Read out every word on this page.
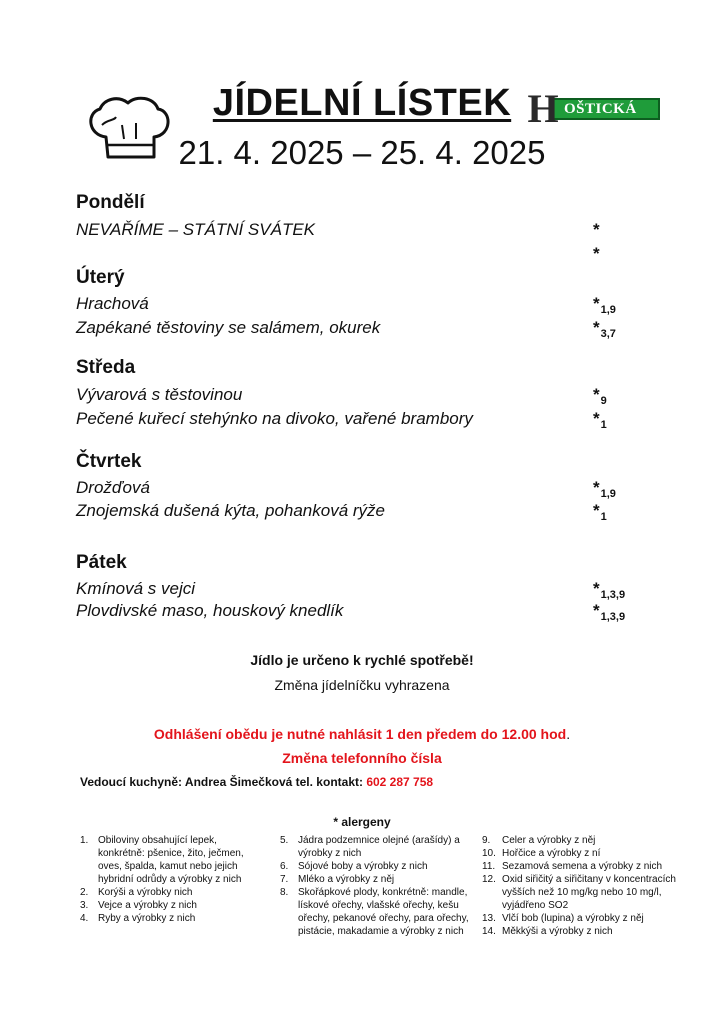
JÍDELNÍ LÍSTEK H OŠTICKÁ
21. 4. 2025 – 25. 4. 2025
Pondělí
NEVAŘÍME – STÁTNÍ SVÁTEK	*
*
Úterý
Hrachová	$*_{1,9}$
Zapékané těstoviny se salámem, okurek	$*_{3,7}$
Středa
Vývarová s těstovinou	$*_9$
Pečené kuřecí stehýnko na divoko, vařené brambory	$*_1$
Čtvrtek
Drožďová	$*_{1,9}$
Znojemská dušená kýta, pohanková rýže	$*_1$
Pátek
Kmínová s vejci	$*_{1,3,9}$
Plovdivské maso, houskový knedlík	$*_{1,3,9}$
Jídlo je určeno k rychlé spotřebě!
Změna jídelníčku vyhrazena
Odhlášení obědu je nutné nahlásit 1 den předem do 12.00 hod.
Změna telefonního čísla
Vedoucí kuchyně: Andrea Šimečková tel. kontakt: 602 287 758
* alergeny
1. Obiloviny obsahující lepek, konkrétně: pšenice, žito, ječmen, oves, špalda, kamut nebo jejich hybridní odrůdy a výrobky z nich
2. Korýši a výrobky nich
3. Vejce a výrobky z nich
4. Ryby a výrobky z nich
5. Jádra podzemnice olejné (arašídy) a výrobky z nich
6. Sójové boby a výrobky z nich
7. Mléko a výrobky z něj
8. Skořápkové plody, konkrétně: mandle, lískové ořechy, vlašské ořechy, kešu ořechy, pekanové ořechy, para ořechy, pistácie, makadamie a výrobky z nich
9. Celer a výrobky z něj
10. Hořčice a výrobky z ní
11. Sezamová semena a výrobky z nich
12. Oxid siřičitý a siřičitany v koncentracích vyšších než 10 mg/kg nebo 10 mg/l, vyjádřeno SO2
13. Vlčí bob (lupina) a výrobky z něj
14. Měkkýši a výrobky z nich
